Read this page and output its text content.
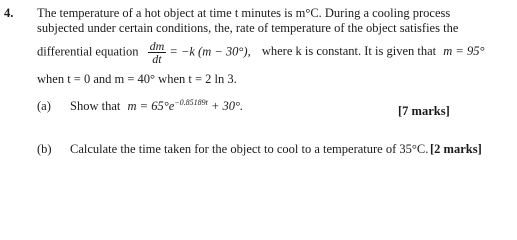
4. The temperature of a hot object at time t minutes is m°C. During a cooling process
subjected under certain conditions, the, rate of temperature of the object satisfies the
differential equation $\frac{dm}{dt} = -k$ (m − 30°), where k is constant. It is given that m = 95°
when t = 0 and m = 40° when t = 2 ln 3.
(a) Show that $m = 65^\circ e^{-0.85189t} + 30^\circ$.	[7 marks]
(b) Calculate the time taken for the object to cool to a temperature of 35°C. [2 marks]
